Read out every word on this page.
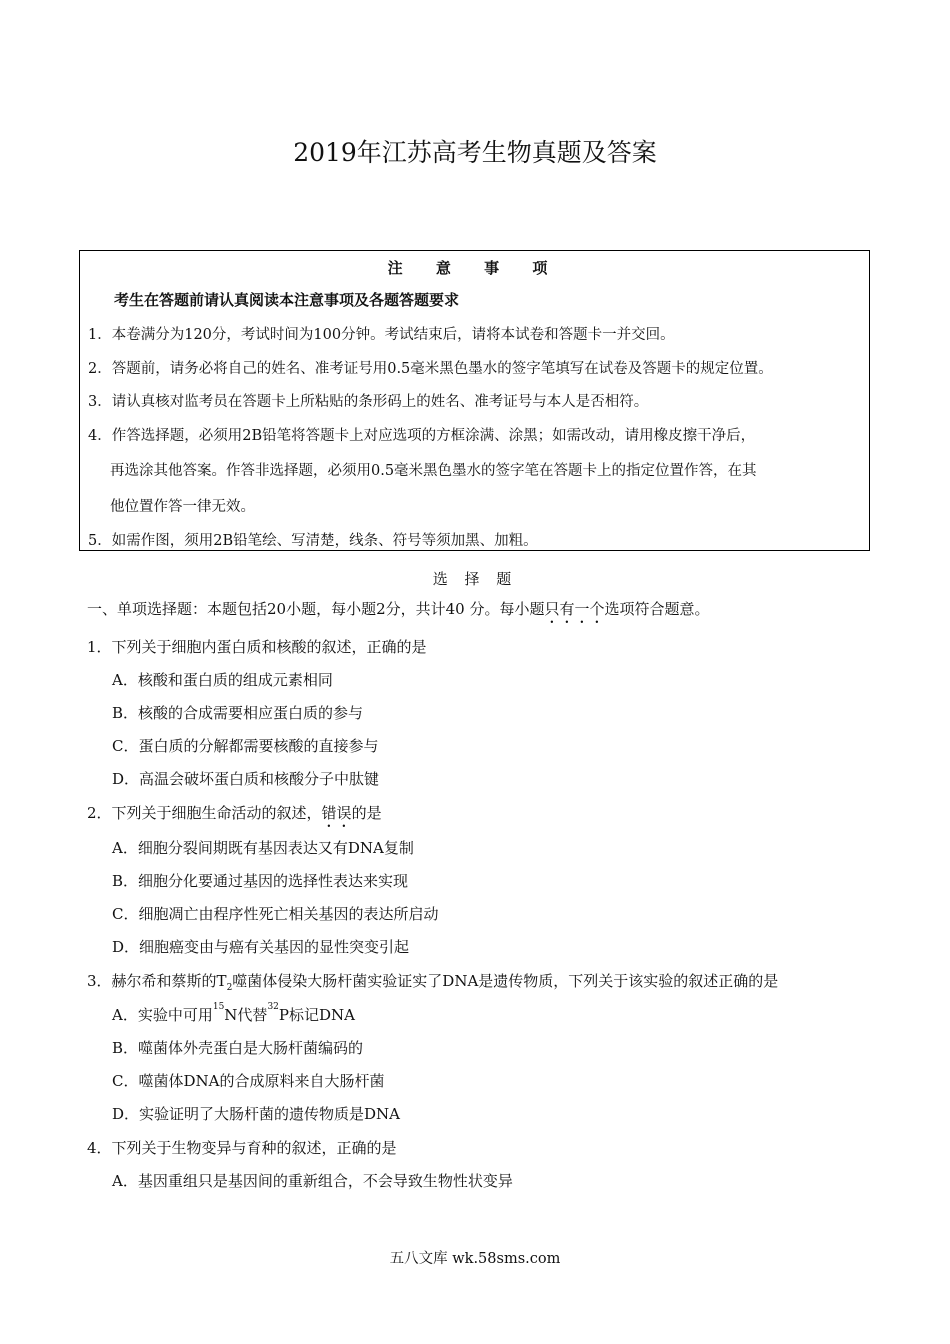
2019年江苏高考生物真题及答案
注 意 事 项
考生在答题前请认真阅读本注意事项及各题答题要求
1．本卷满分为120分，考试时间为100分钟。考试结束后，请将本试卷和答题卡一并交回。
2．答题前，请务必将自己的姓名、准考证号用0.5毫米黑色墨水的签字笔填写在试卷及答题卡的规定位置。
3．请认真核对监考员在答题卡上所粘贴的条形码上的姓名、准考证号与本人是否相符。
4．作答选择题，必须用2B铅笔将答题卡上对应选项的方框涂满、涂黑；如需改动，请用橡皮擦干净后，
再选涂其他答案。作答非选择题，必须用0.5毫米黑色墨水的签字笔在答题卡上的指定位置作答，在其
他位置作答一律无效。
5．如需作图，须用2B铅笔绘、写清楚，线条、符号等须加黑、加粗。
选 择 题
一、单项选择题：本题包括20小题，每小题2分，共计40 分。每小题只有一个选项符合题意。
1．下列关于细胞内蛋白质和核酸的叙述，正确的是
A．核酸和蛋白质的组成元素相同
B．核酸的合成需要相应蛋白质的参与
C．蛋白质的分解都需要核酸的直接参与
D．高温会破坏蛋白质和核酸分子中肽键
2．下列关于细胞生命活动的叙述，错误的是
A．细胞分裂间期既有基因表达又有DNA复制
B．细胞分化要通过基因的选择性表达来实现
C．细胞凋亡由程序性死亡相关基因的表达所启动
D．细胞癌变由与癌有关基因的显性突变引起
3．赫尔希和蔡斯的$T_2$噬菌体侵染大肠杆菌实验证实了DNA是遗传物质，下列关于该实验的叙述正确的是
A．实验中可用$^{15}$N代替$^{32}$P标记DNA
B．噬菌体外壳蛋白是大肠杆菌编码的
C．噬菌体DNA的合成原料来自大肠杆菌
D．实验证明了大肠杆菌的遗传物质是DNA
4．下列关于生物变异与育种的叙述，正确的是
A．基因重组只是基因间的重新组合，不会导致生物性状变异
五八文库 wk.58sms.com
